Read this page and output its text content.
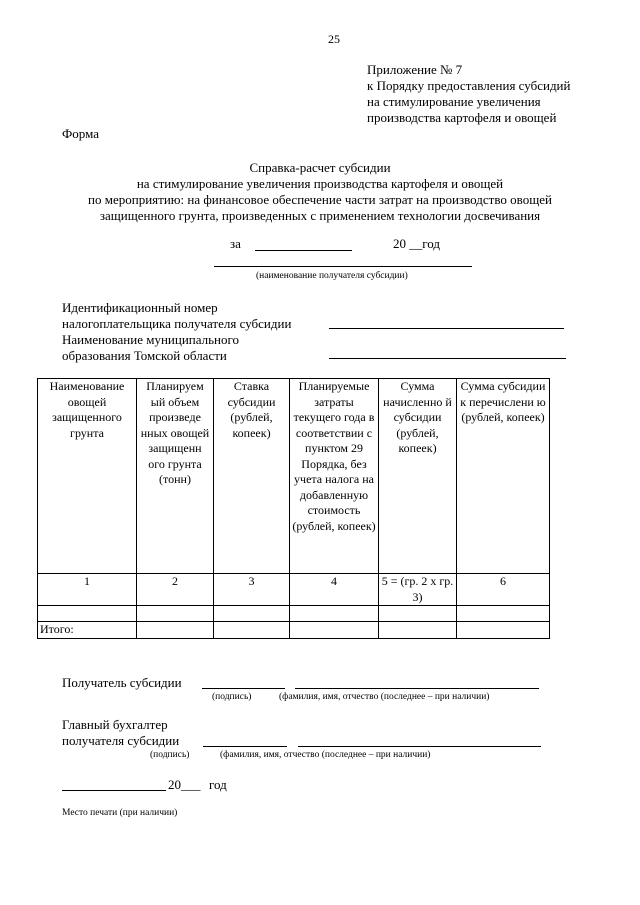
25
Приложение № 7
к Порядку предоставления субсидий
на стимулирование увеличения
производства картофеля и овощей
Форма
Справка-расчет субсидии
на стимулирование увеличения производства картофеля и овощей
по мероприятию: на финансовое обеспечение части затрат на производство овощей
защищенного грунта, произведенных с применением технологии досвечивания
за	20 __год
(наименование получателя субсидии)
Идентификационный номер
налогоплательщика получателя субсидии
Наименование муниципального
образования Томской области
Наименование овощей защищенного грунта	Планируем ый объем произведе нных овощей защищенн ого грунта (тонн)	Ставка субсидии (рублей, копеек)	Планируемые затраты текущего года в соответствии с пунктом 29 Порядка, без учета налога на добавленную стоимость (рублей, копеек)	Сумма начисленно й субсидии (рублей, копеек)	Сумма субсидии к перечислени ю (рублей, копеек)
1	2	3	4	5 = (гр. 2 х гр. 3)	6

Итого:					
Получатель субсидии
(подпись)	(фамилия, имя, отчество (последнее – при наличии)
Главный бухгалтер
получателя субсидии
(подпись)	(фамилия, имя, отчество (последнее – при наличии)
20___ год
Место печати (при наличии)
